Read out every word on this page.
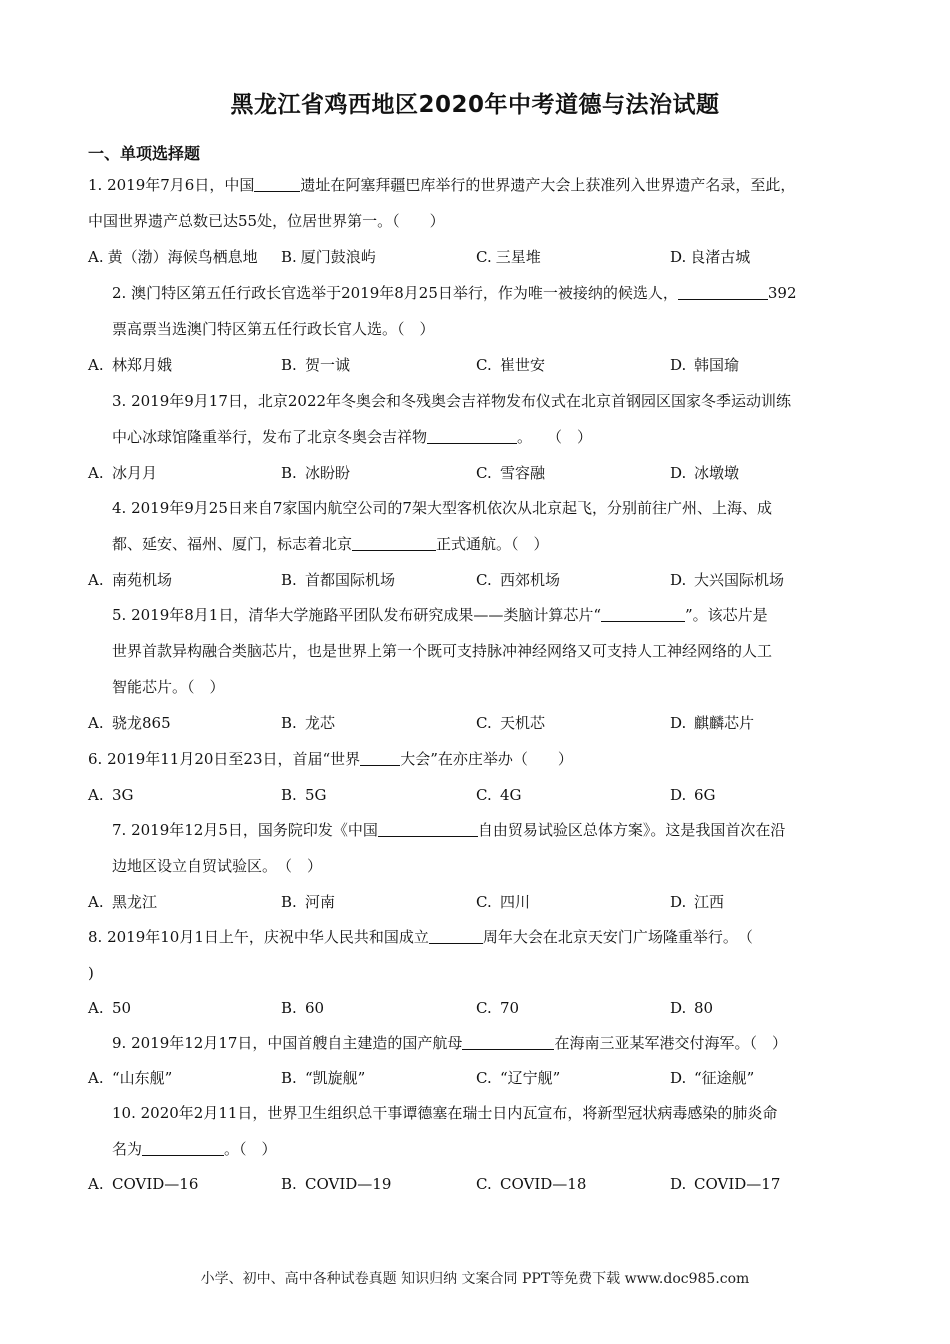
黑龙江省鸡西地区2020年中考道德与法治试题
一、单项选择题
1. 2019年7月6日，中国	遗址在阿塞拜疆巴库举行的世界遗产大会上获准列入世界遗产名录，至此，
中国世界遗产总数已达55处，位居世界第一。（　　）
A. 黄（渤）海候鸟栖息地 B. 厦门鼓浪屿	C. 三星堆	D. 良渚古城
2. 澳门特区第五任行政长官选举于2019年8月25日举行，作为唯一被接纳的候选人，	392
票高票当选澳门特区第五任行政长官人选。（　）
A. 林郑月娥	B. 贺一诚	C. 崔世安	D. 韩国瑜
3. 2019年9月17日，北京2022年冬奥会和冬残奥会吉祥物发布仪式在北京首钢园区国家冬季运动训练
中心冰球馆隆重举行，发布了北京冬奥会吉祥物	。　　（　）
A. 冰月月	B. 冰盼盼	C. 雪容融	D. 冰墩墩
4. 2019年9月25日来自7家国内航空公司的7架大型客机依次从北京起飞，分别前往广州、上海、成
都、延安、福州、厦门，标志着北京	正式通航。（　）
A. 南苑机场	B. 首都国际机场	C. 西郊机场	D. 大兴国际机场
5. 2019年8月1日，清华大学施路平团队发布研究成果——类脑计算芯片“	”。该芯片是
世界首款异构融合类脑芯片，也是世界上第一个既可支持脉冲神经网络又可支持人工神经网络的人工
智能芯片。（　）
A. 骁龙865	B. 龙芯	C. 天机芯	D. 麒麟芯片
6. 2019年11月20日至23日，首届“世界	大会”在亦庄举办（　　）
A. 3G	B. 5G	C. 4G	D. 6G
7. 2019年12月5日，国务院印发《中国	自由贸易试验区总体方案》。这是我国首次在沿
边地区设立自贸试验区。　（　）
A. 黑龙江	B. 河南	C. 四川	D. 江西
8. 2019年10月1日上午，庆祝中华人民共和国成立	周年大会在北京天安门广场隆重举行。　（
)
A. 50	B. 60	C. 70	D. 80
9. 2019年12月17日，中国首艘自主建造的国产航母	在海南三亚某军港交付海军。（　）
A. “山东舰”	B. “凯旋舰”	C. “辽宁舰”	D. “征途舰”
10. 2020年2月11日，世界卫生组织总干事谭德塞在瑞士日内瓦宣布，将新型冠状病毒感染的肺炎命
名为	。（　）
A. COVID—16	B. COVID—19	C. COVID—18	D. COVID—17
小学、初中、高中各种试卷真题 知识归纳 文案合同 PPT等免费下载 www.doc985.com
